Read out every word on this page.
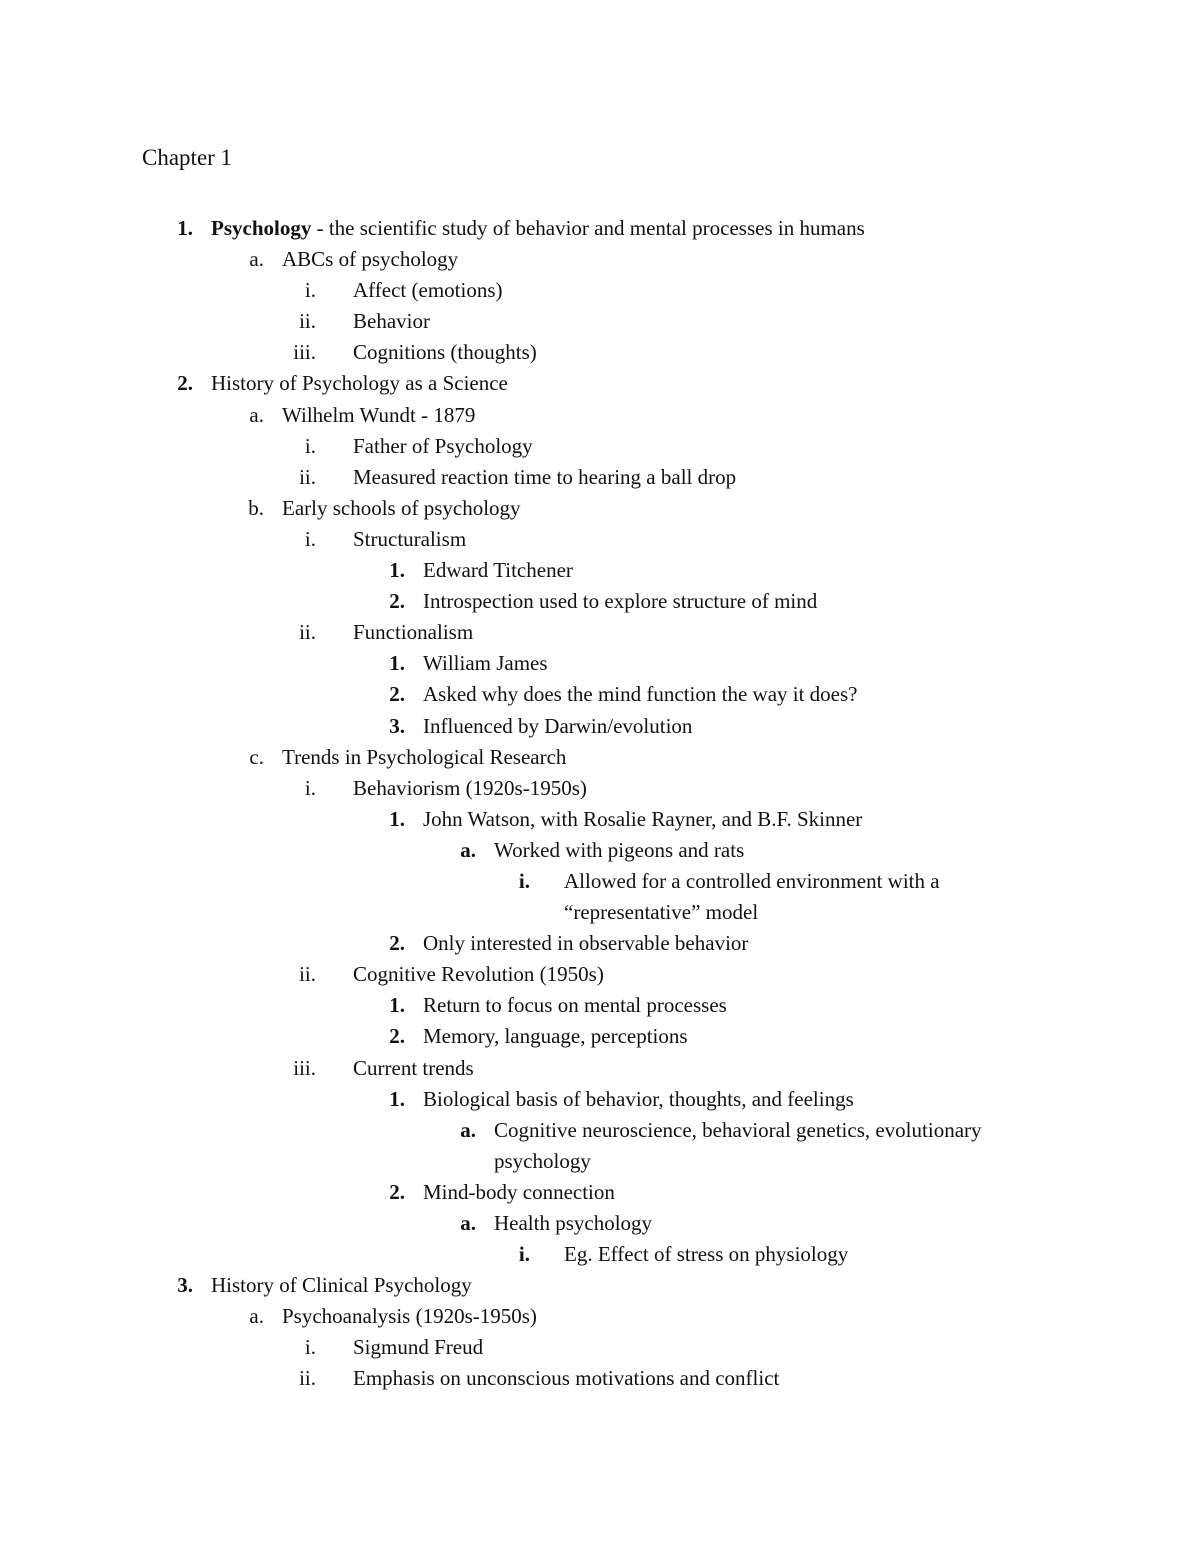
Chapter 1
1. Psychology - the scientific study of behavior and mental processes in humans
a. ABCs of psychology
i. Affect (emotions)
ii. Behavior
iii. Cognitions (thoughts)
2. History of Psychology as a Science
a. Wilhelm Wundt - 1879
i. Father of Psychology
ii. Measured reaction time to hearing a ball drop
b. Early schools of psychology
i. Structuralism
1. Edward Titchener
2. Introspection used to explore structure of mind
ii. Functionalism
1. William James
2. Asked why does the mind function the way it does?
3. Influenced by Darwin/evolution
c. Trends in Psychological Research
i. Behaviorism (1920s-1950s)
1. John Watson, with Rosalie Rayner, and B.F. Skinner
a. Worked with pigeons and rats
i. Allowed for a controlled environment with a
“representative” model
2. Only interested in observable behavior
ii. Cognitive Revolution (1950s)
1. Return to focus on mental processes
2. Memory, language, perceptions
iii. Current trends
1. Biological basis of behavior, thoughts, and feelings
a. Cognitive neuroscience, behavioral genetics, evolutionary
psychology
2. Mind-body connection
a. Health psychology
i. Eg. Effect of stress on physiology
3. History of Clinical Psychology
a. Psychoanalysis (1920s-1950s)
i. Sigmund Freud
ii. Emphasis on unconscious motivations and conflict
